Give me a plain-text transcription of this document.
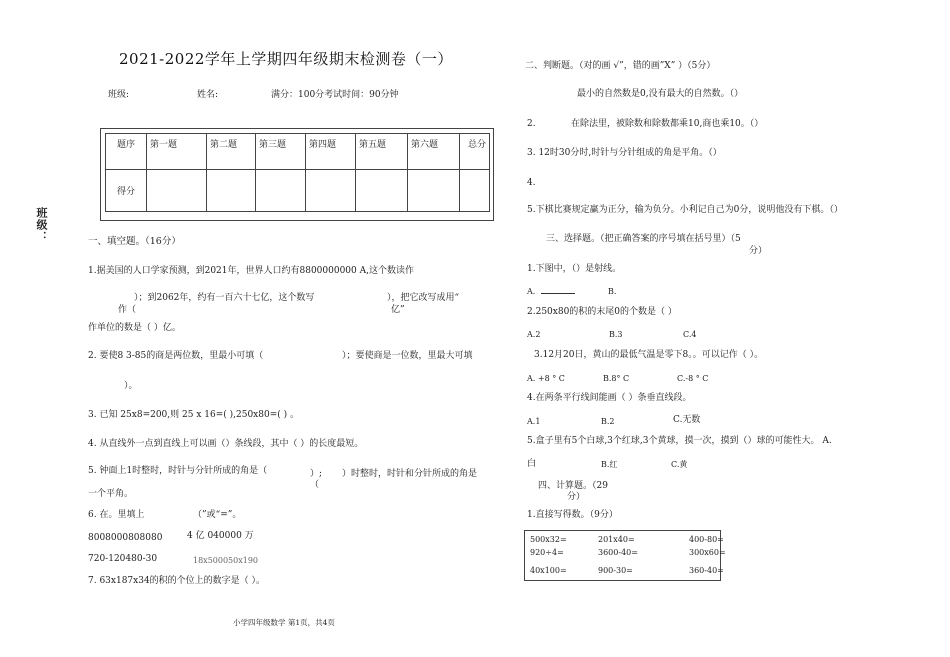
2021-2022学年上学期四年级期末检测卷（一）
班级:	姓名:	满分：100分考试时间：90分钟
班级：
题序	第一题	第二题	第三题	第四题	第五题	第六题	总分
得分							
一、填空题。（16分）
1.据美国的人口学家预测，到2021年，世界人口约有8800000000 A,这个数读作
）；到2062年，约有一百六十七亿，这个数写	），把它改写成用“
作（	亿”
作单位的数是（ ）亿。
2. 要使8 3-85的商是两位数，里最小可填（	）；要使商是一位数，里最大可填
）。
3. 已知 25x8=200,则 25 x 16=( ),250x80=( ) 。
4. 从直线外一点到直线上可以画（）条线段，其中（ ）的长度最短。
5. 钟面上1时整时，时针与分针所成的角是（	）; ）时整时，时针和分针所成的角是
（
一个平角。
6. 在。里填上	（”或“=”。
8008000808080	4 亿 040000 万
720-120480-30	18x500050x190
7. 63x187x34的积的个位上的数字是（ ）。
小学四年级数学 第1页，共4页
二、判断题。（对的画 √”，错的画”X” ）（5分）
最小的自然数是0,没有最大的自然数。（）
2.	在除法里，被除数和除数都乘10,商也乘10。（）
3. 12时30分时,时针与分针组成的角是平角。（）
4.
5.下棋比赛规定赢为正分，输为负分。小利记自己为0分，说明他没有下棋。（）
三、选择题。（把正确答案的序号填在括号里）（5
分）
1.下图中，（）是射线。
A.	B.
2.250x80的积的末尾0的个数是（ ）
A.2	B.3	C.4
3.12月20日，黄山的最低气温是零下8。。可以记作（ ）。
A. +8 ° C	B.8° C	C.-8 ° C
4.在两条平行线间能画（ ）条垂直线段。
A.1	B.2	C.无数
5.盒子里有5个白球,3个红球,3个黄球，摸一次，摸到（）球的可能性大。 A.
白	B.红	C.黄
四、计算题。（29
分）
1.直接写得数。（9分）
500x32=	201x40=	400-80=
920÷4=	3600-40=	300x60=
40x100=	900-30=	360-40=
